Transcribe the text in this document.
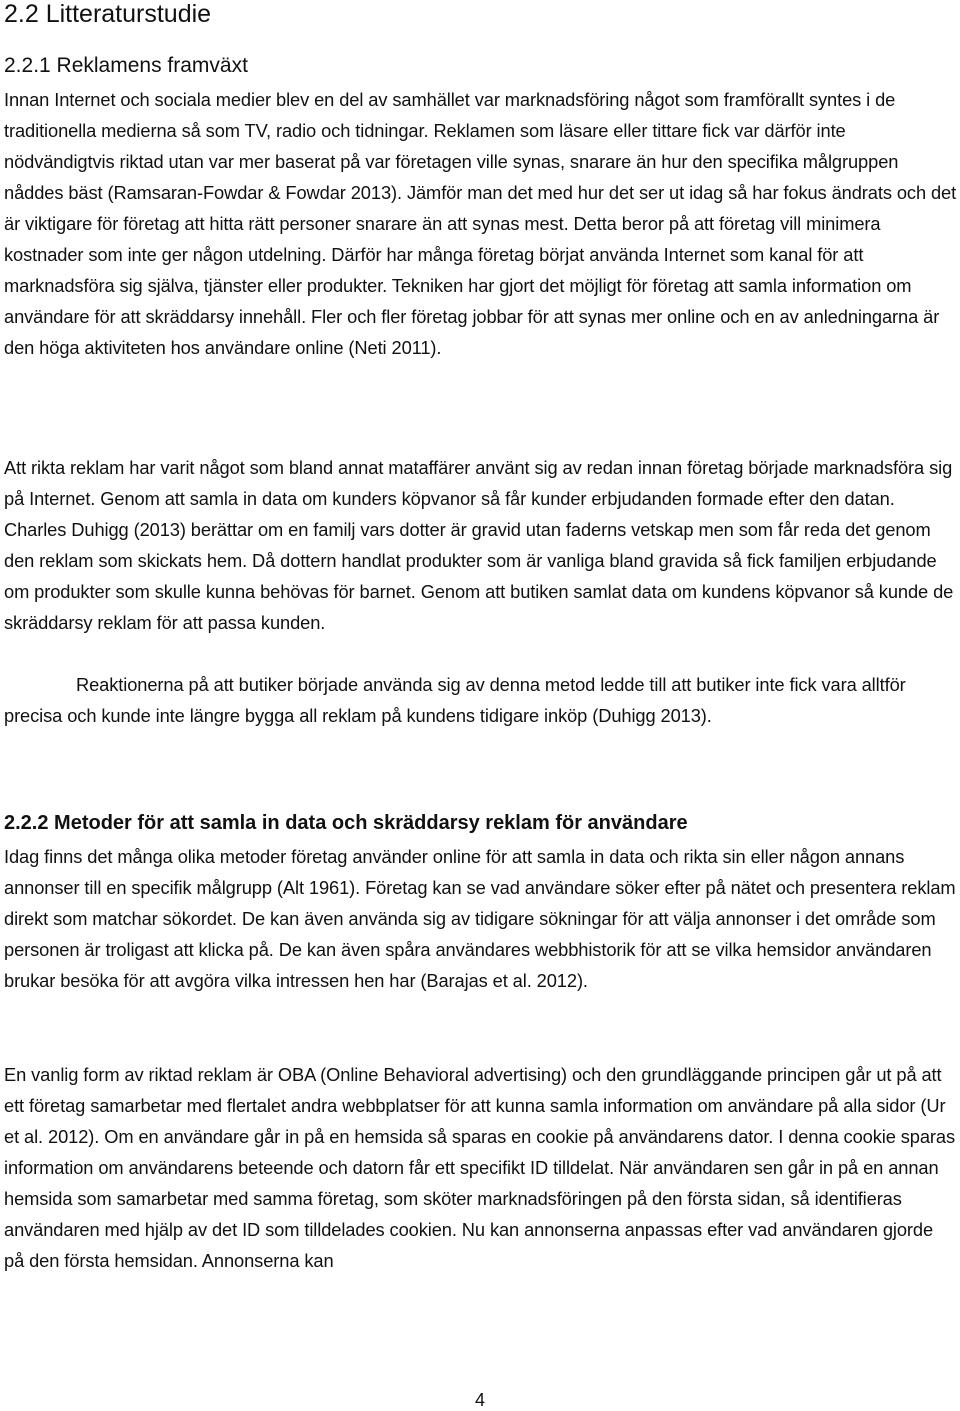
2.2 Litteraturstudie
2.2.1 Reklamens framväxt

Innan Internet och sociala medier blev en del av samhället var marknadsföring något som framförallt syntes i de traditionella medierna så som TV, radio och tidningar. Reklamen som läsare eller tittare fick var därför inte nödvändigtvis riktad utan var mer baserat på var företagen ville synas, snarare än hur den specifika målgruppen nåddes bäst (Ramsaran-Fowdar & Fowdar 2013). Jämför man det med hur det ser ut idag så har fokus ändrats och det är viktigare för företag att hitta rätt personer snarare än att synas mest. Detta beror på att företag vill minimera kostnader som inte ger någon utdelning. Därför har många företag börjat använda Internet som kanal för att marknadsföra sig själva, tjänster eller produkter. Tekniken har gjort det möjligt för företag att samla information om användare för att skräddarsy innehåll. Fler och fler företag jobbar för att synas mer online och en av anledningarna är den höga aktiviteten hos användare online (Neti 2011).

Att rikta reklam har varit något som bland annat mataffärer använt sig av redan innan företag började marknadsföra sig på Internet. Genom att samla in data om kunders köpvanor så får kunder erbjudanden formade efter den datan. Charles Duhigg (2013) berättar om en familj vars dotter är gravid utan faderns vetskap men som får reda det genom den reklam som skickats hem. Då dottern handlat produkter som är vanliga bland gravida så fick familjen erbjudande om produkter som skulle kunna behövas för barnet. Genom att butiken samlat data om kundens köpvanor så kunde de skräddarsy reklam för att passa kunden.

Reaktionerna på att butiker började använda sig av denna metod ledde till att butiker inte fick vara alltför precisa och kunde inte längre bygga all reklam på kundens tidigare inköp (Duhigg 2013).

2.2.2 Metoder för att samla in data och skräddarsy reklam för användare

Idag finns det många olika metoder företag använder online för att samla in data och rikta sin eller någon annans annonser till en specifik målgrupp (Alt 1961). Företag kan se vad användare söker efter på nätet och presentera reklam direkt som matchar sökordet. De kan även använda sig av tidigare sökningar för att välja annonser i det område som personen är troligast att klicka på. De kan även spåra användares webbhistorik för att se vilka hemsidor användaren brukar besöka för att avgöra vilka intressen hen har (Barajas et al. 2012).

En vanlig form av riktad reklam är OBA (Online Behavioral advertising) och den grundläggande principen går ut på att ett företag samarbetar med flertalet andra webbplatser för att kunna samla information om användare på alla sidor (Ur et al. 2012). Om en användare går in på en hemsida så sparas en cookie på användarens dator. I denna cookie sparas information om användarens beteende och datorn får ett specifikt ID tilldelat. När användaren sen går in på en annan hemsida som samarbetar med samma företag, som sköter marknadsföringen på den första sidan, så identifieras användaren med hjälp av det ID som tilldelades cookien. Nu kan annonserna anpassas efter vad användaren gjorde på den första hemsidan. Annonserna kan

4
